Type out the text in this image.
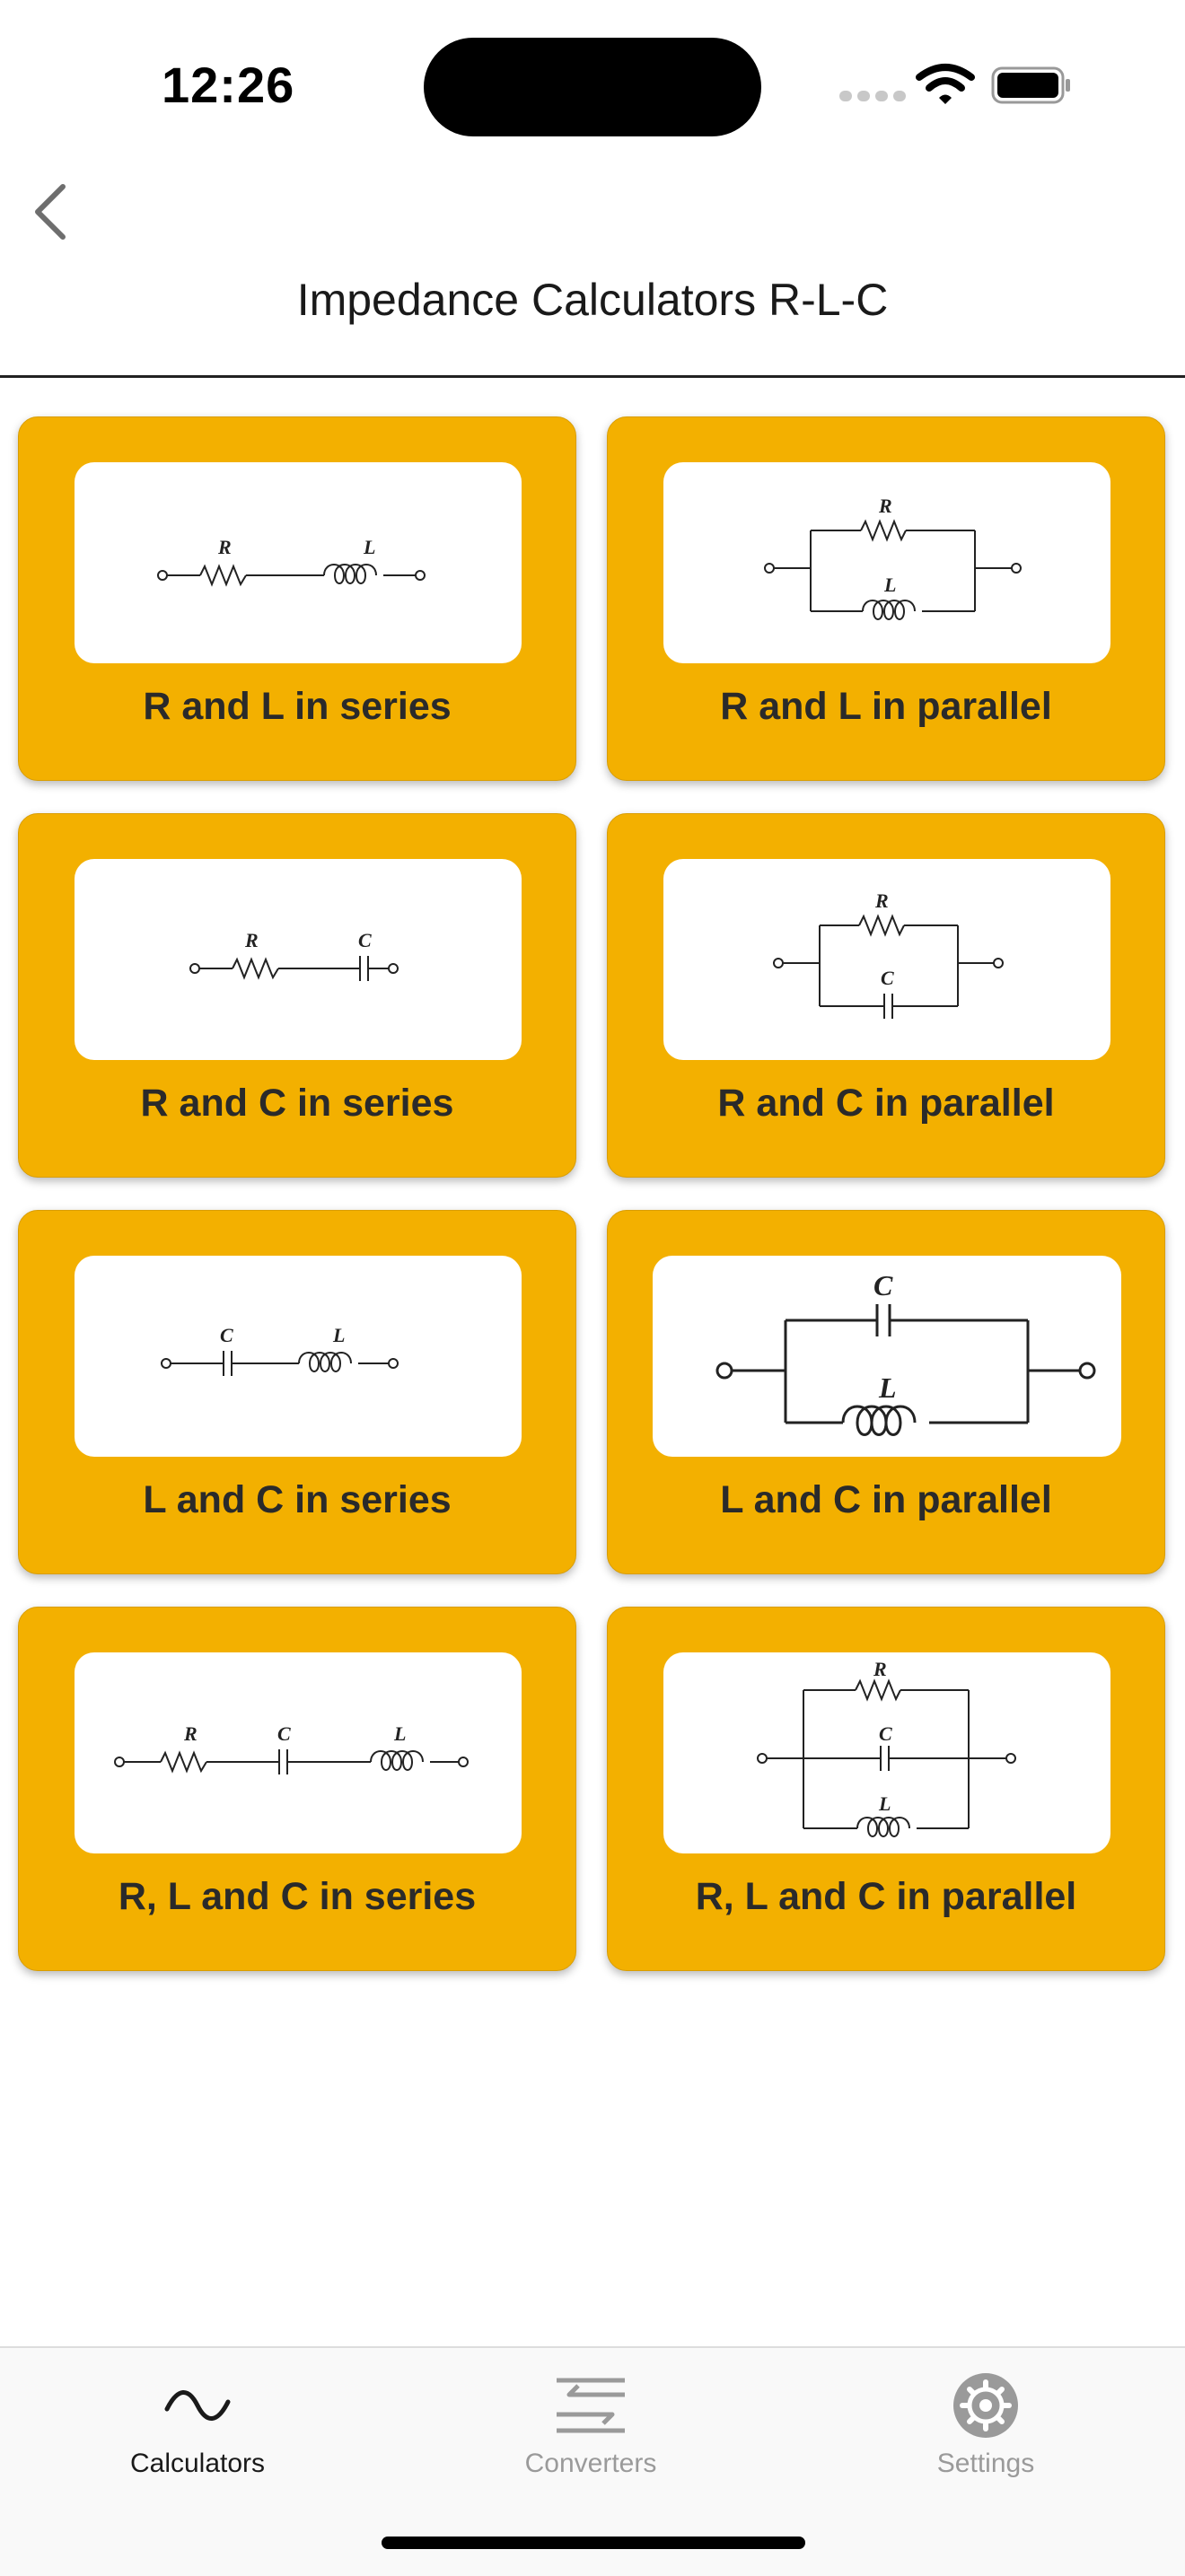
12:26
Impedance Calculators R-L-C
R	L
R and L in series
R
L
R and L in parallel
R	C
R and C in series
R
C
R and C in parallel
C	L
L and C in series
C
L
L and C in parallel
R	C	L
R, L and C in series
R
C
L
R, L and C in parallel
Calculators	Converters	Settings
